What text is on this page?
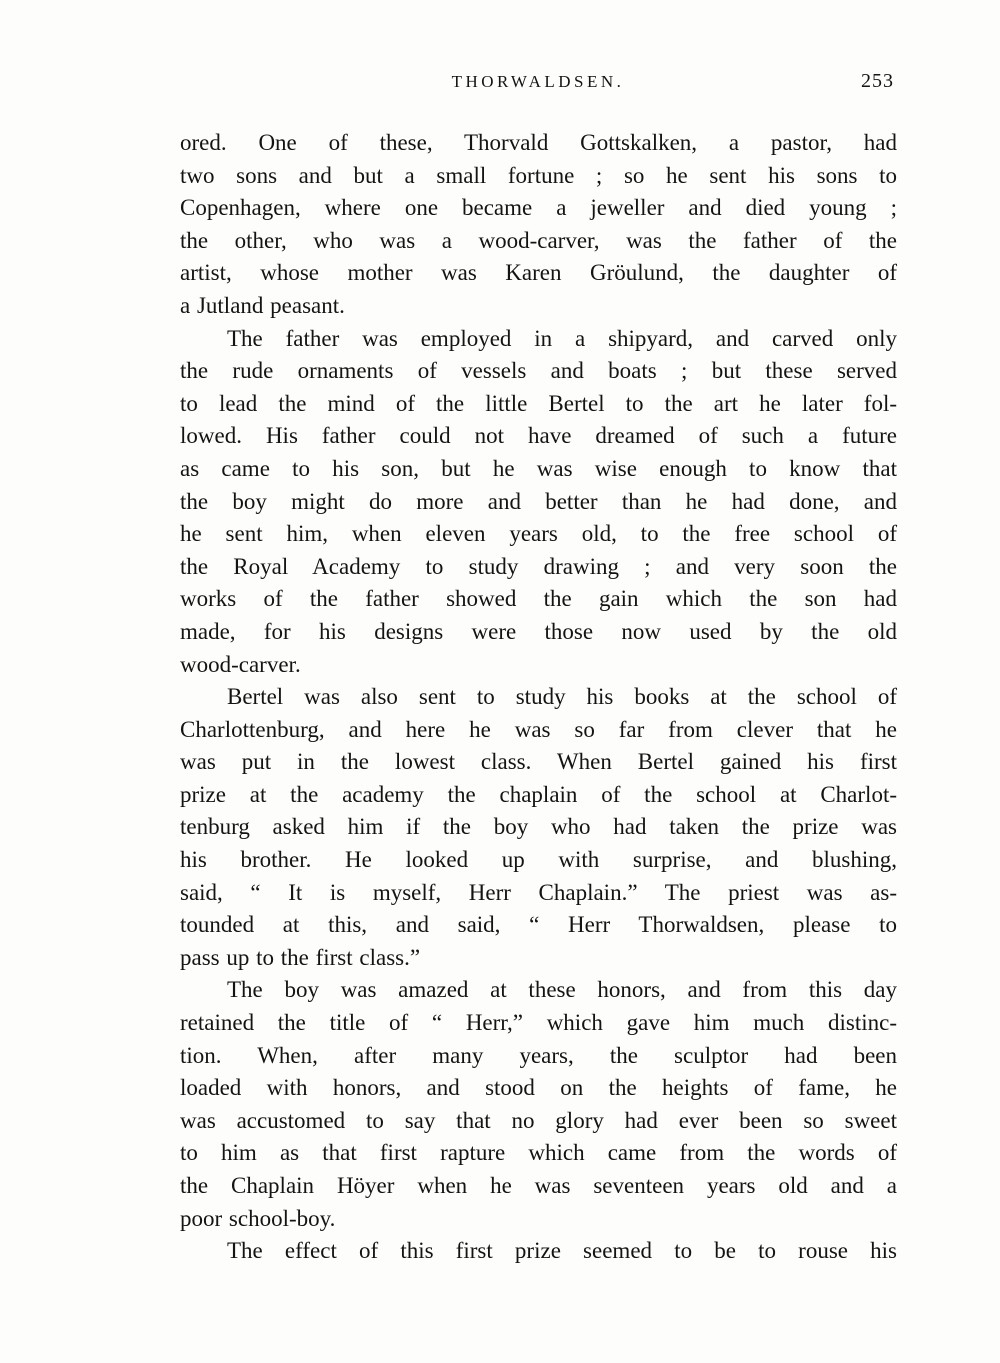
THORWALDSEN.	253
ored. One of these, Thorvald Gottskalken, a pastor, had
two sons and but a small fortune ; so he sent his sons to
Copenhagen, where one became a jeweller and died young ;
the other, who was a wood-carver, was the father of the
artist, whose mother was Karen Gröulund, the daughter of
a Jutland peasant.
The father was employed in a shipyard, and carved only
the rude ornaments of vessels and boats ; but these served
to lead the mind of the little Bertel to the art he later fol-
lowed. His father could not have dreamed of such a future
as came to his son, but he was wise enough to know that
the boy might do more and better than he had done, and
he sent him, when eleven years old, to the free school of
the Royal Academy to study drawing ; and very soon the
works of the father showed the gain which the son had
made, for his designs were those now used by the old
wood-carver.
Bertel was also sent to study his books at the school of
Charlottenburg, and here he was so far from clever that he
was put in the lowest class. When Bertel gained his first
prize at the academy the chaplain of the school at Charlot-
tenburg asked him if the boy who had taken the prize was
his brother. He looked up with surprise, and blushing,
said, “ It is myself, Herr Chaplain.” The priest was as-
tounded at this, and said, “ Herr Thorwaldsen, please to
pass up to the first class.”
The boy was amazed at these honors, and from this day
retained the title of “ Herr,” which gave him much distinc-
tion. When, after many years, the sculptor had been
loaded with honors, and stood on the heights of fame, he
was accustomed to say that no glory had ever been so sweet
to him as that first rapture which came from the words of
the Chaplain Höyer when he was seventeen years old and a
poor school-boy.
The effect of this first prize seemed to be to rouse his
